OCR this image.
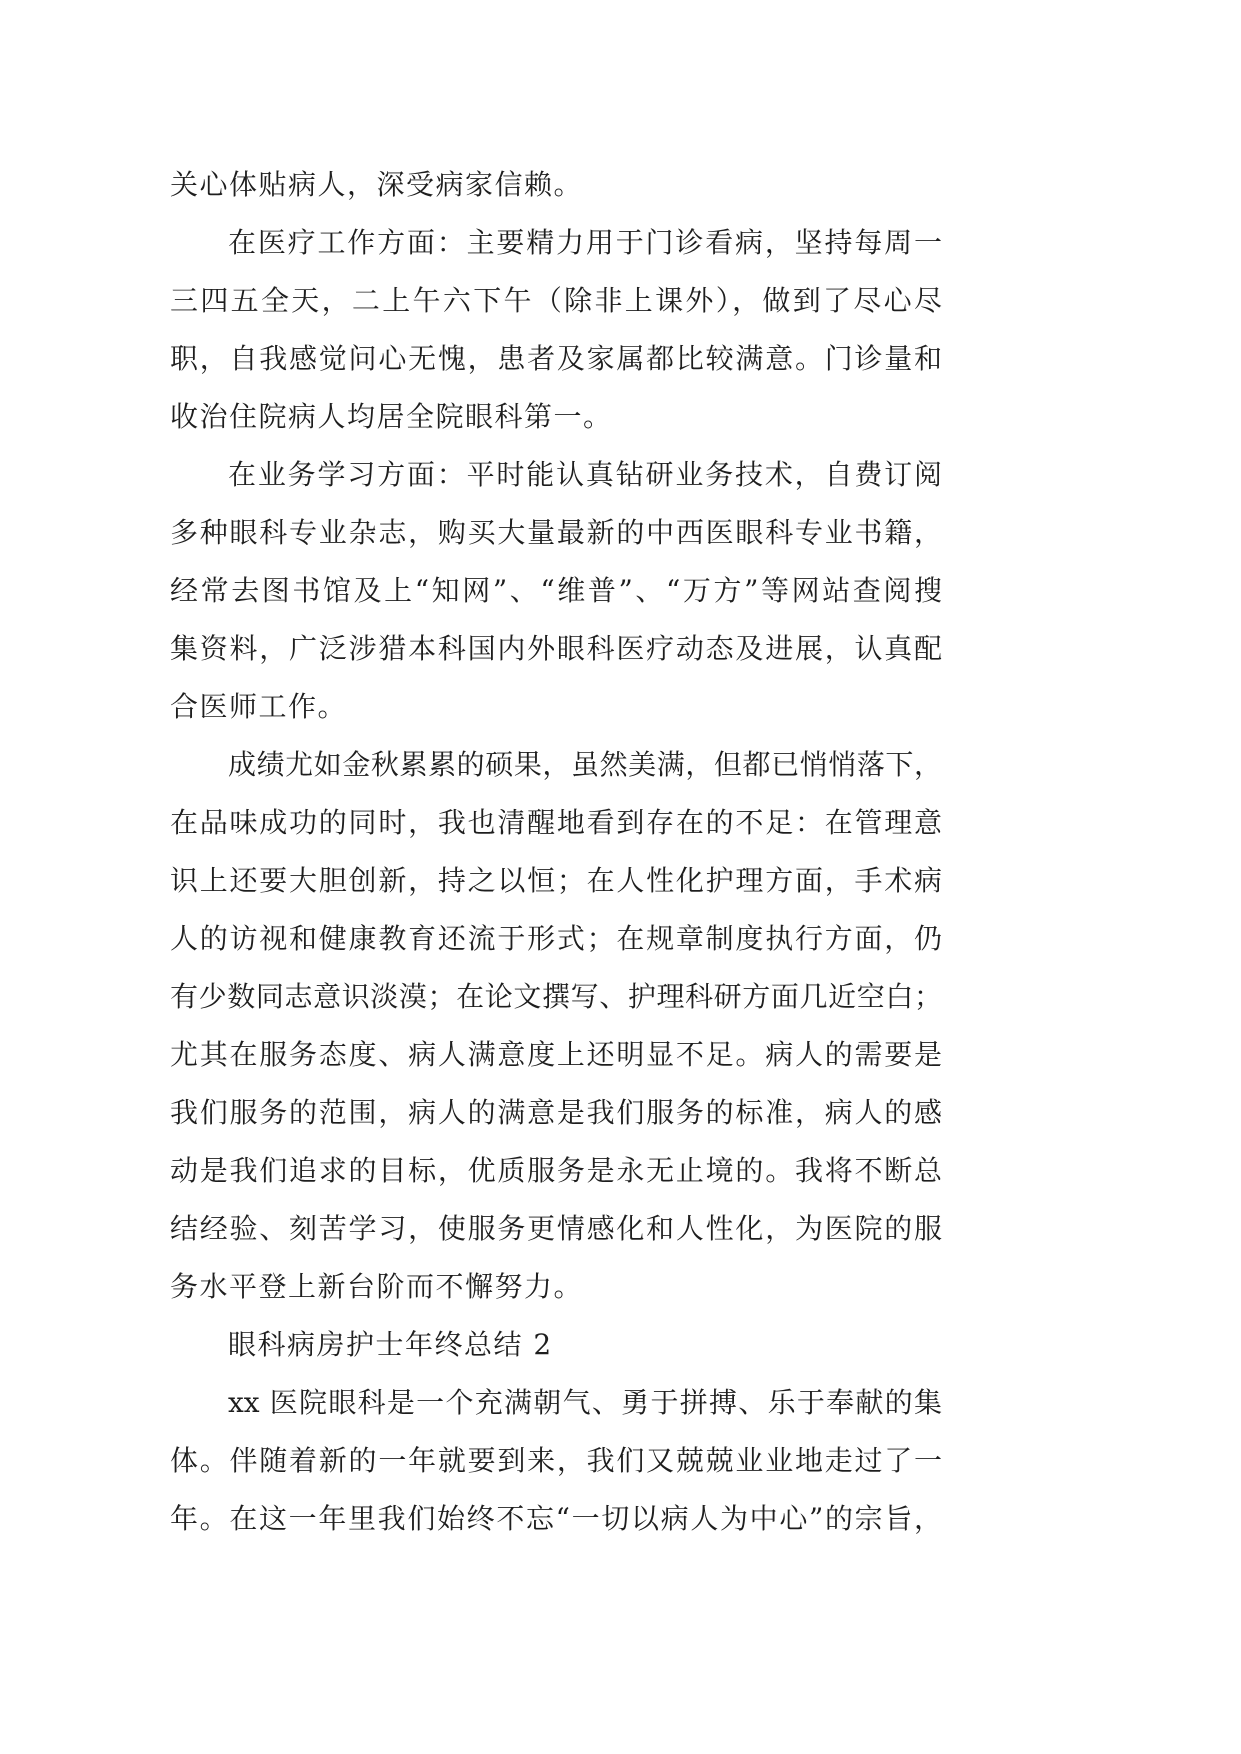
关心体贴病人，深受病家信赖。
在医疗工作方面：主要精力用于门诊看病，坚持每周一
三四五全天，二上午六下午（除非上课外），做到了尽心尽
职，自我感觉问心无愧，患者及家属都比较满意。门诊量和
收治住院病人均居全院眼科第一。
在业务学习方面：平时能认真钻研业务技术，自费订阅
多种眼科专业杂志，购买大量最新的中西医眼科专业书籍，
经常去图书馆及上“知网”、“维普”、“万方”等网站查阅搜
集资料，广泛涉猎本科国内外眼科医疗动态及进展，认真配
合医师工作。
成绩尤如金秋累累的硕果，虽然美满，但都已悄悄落下，
在品味成功的同时，我也清醒地看到存在的不足：在管理意
识上还要大胆创新，持之以恒；在人性化护理方面，手术病
人的访视和健康教育还流于形式；在规章制度执行方面，仍
有少数同志意识淡漠；在论文撰写、护理科研方面几近空白；
尤其在服务态度、病人满意度上还明显不足。病人的需要是
我们服务的范围，病人的满意是我们服务的标准，病人的感
动是我们追求的目标，优质服务是永无止境的。我将不断总
结经验、刻苦学习，使服务更情感化和人性化，为医院的服
务水平登上新台阶而不懈努力。
眼科病房护士年终总结 2
xx 医院眼科是一个充满朝气、勇于拼搏、乐于奉献的集
体。伴随着新的一年就要到来，我们又兢兢业业地走过了一
年。在这一年里我们始终不忘“一切以病人为中心”的宗旨，
